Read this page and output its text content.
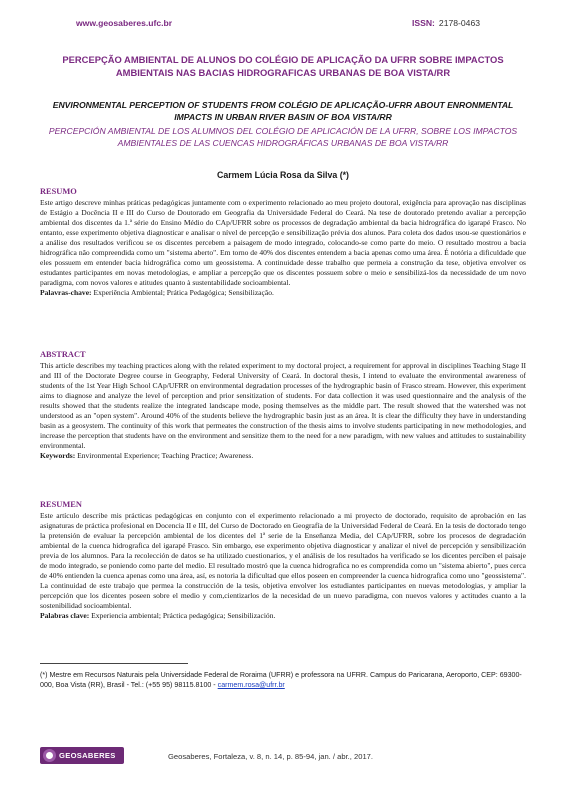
www.geosaberes.ufc.br	ISSN: 2178-0463
PERCEPÇÃO AMBIENTAL DE ALUNOS DO COLÉGIO DE APLICAÇÃO DA UFRR SOBRE IMPACTOS AMBIENTAIS NAS BACIAS HIDROGRAFICAS URBANAS DE BOA VISTA/RR
ENVIRONMENTAL PERCEPTION OF STUDENTS FROM COLÉGIO DE APLICAÇÃO-UFRR ABOUT ENRONMENTAL IMPACTS IN URBAN RIVER BASIN OF BOA VISTA/RR
PERCEPCIÓN AMBIENTAL DE LOS ALUMNOS DEL COLÉGIO DE APLICACIÓN DE LA UFRR, SOBRE LOS IMPACTOS AMBIENTALES DE LAS CUENCAS HIDROGRÁFICAS URBANAS DE BOA VISTA/RR
Carmem Lúcia Rosa da Silva (*)
RESUMO

Este artigo descreve minhas práticas pedagógicas juntamente com o experimento relacionado ao meu projeto doutoral, exigência para aprovação nas disciplinas de Estágio a Docência II e III do Curso de Doutorado em Geografia da Universidade Federal do Ceará. Na tese de doutorado pretendo avaliar a percepção ambiental dos discentes da 1.ª série do Ensino Médio do CAp/UFRR sobre os processos de degradação ambiental da bacia hidrográfica do igarapé Frasco. No entanto, esse experimento objetiva diagnosticar e analisar o nível de percepção e sensibilização prévia dos alunos. Para coleta dos dados usou-se questionários e a análise dos resultados verificou se os discentes percebem a paisagem de modo integrado, colocando-se como parte do meio. O resultado mostrou a bacia hidrográfica não compreendida como um "sistema aberto". Em torno de 40% dos discentes entendem a bacia apenas como uma área. É notória a dificuldade que eles possuem em entender bacia hidrográfica como um geossistema. A continuidade desse trabalho que permeia a construção da tese, objetiva envolver os estudantes participantes em novas metodologias, e ampliar a percepção que os discentes possuem sobre o meio e sensibilizá-los da necessidade de um novo paradigma, com novos valores e atitudes quanto à sustentabilidade socioambiental.

Palavras-chave: Experiência Ambiental; Prática Pedagógica; Sensibilização.

ABSTRACT

This article describes my teaching practices along with the related experiment to my doctoral project, a requirement for approval in disciplines Teaching Stage II and III of the Doctorate Degree course in Geography, Federal University of Ceará. In doctoral thesis, I intend to evaluate the environmental awareness of students of the 1st Year High School CAp/UFRR on environmental degradation processes of the hydrographic basin of Frasco stream. However, this experiment aims to diagnose and analyze the level of perception and prior sensitization of students. For data collection it was used questionnaire and the analysis of the results showed that the students realize the integrated landscape mode, posing themselves as the middle part. The result showed that the watershed was not understood as an "open system". Around 40% of the students believe the hydrographic basin just as an área. It is clear the difficulty they have in understanding basin as a geosystem. The continuity of this work that permeates the construction of the thesis aims to involve students participating in new methodologies, and increase the perception that students have on the environment and sensitize them to the need for a new paradigm, with new values and attitudes to sustainability environmental.

Keywords: Environmental Experience; Teaching Practice; Awareness.

RESUMEN

Este artículo describe mis prácticas pedagógicas en conjunto con el experimento relacionado a mi proyecto de doctorado, requisito de aprobación en las asignaturas de práctica profesional en Docencia II e III, del Curso de Doctorado en Geografía de la Universidad Federal de Ceará. En la tesis de doctorado tengo la pretensión de evaluar la percepción ambiental de los dicentes del 1ª serie de la Enseñanza Media, del CAp/UFRR, sobre los procesos de degradación ambiental de la cuenca hidrografica del igarapé Frasco. Sin embargo, ese experimento objetiva diagnosticar y analizar el nivel de percepción y sensibilización previa de los alumnos. Para la recolección de datos se ha utilizado cuestionarios, y el análisis de los resultados ha verificado se los dicentes perciben el paisaje de modo integrado, se poniendo como parte del medio. El resultado mostró que la cuenca hidrografica no es comprendida como un "sistema abierto", pues cerca de 40% entienden la cuenca apenas como una área, así, es notoria la dificultad que ellos poseen en compreender la cuenca hidrografica como uno "geossistema". La continuidad de este trabajo que permea la construcción de la tesis, objetiva envolver los estudiantes participantes en nuevas metodologias, y ampliar la percepción que los dicentes poseen sobre el medio y com,cientizarlos de la necesidad de un nuevo paradigma, con nuevos valores y actitudes cuanto a la sostenibilidad socioambiental.

Palabras clave: Experiencia ambiental; Práctica pedagógica; Sensibilización.

(*) Mestre em Recursos Naturais pela Universidade Federal de Roraima (UFRR) e professora na UFRR. Campus do Paricarana, Aeroporto, CEP: 69300-000, Boa Vista (RR), Brasil - Tel.: (+55 95) 98115.8100 - carmem.rosa@ufrr.br
GEOSABERES	Geosaberes, Fortaleza, v. 8, n. 14, p. 85-94, jan. / abr., 2017.
